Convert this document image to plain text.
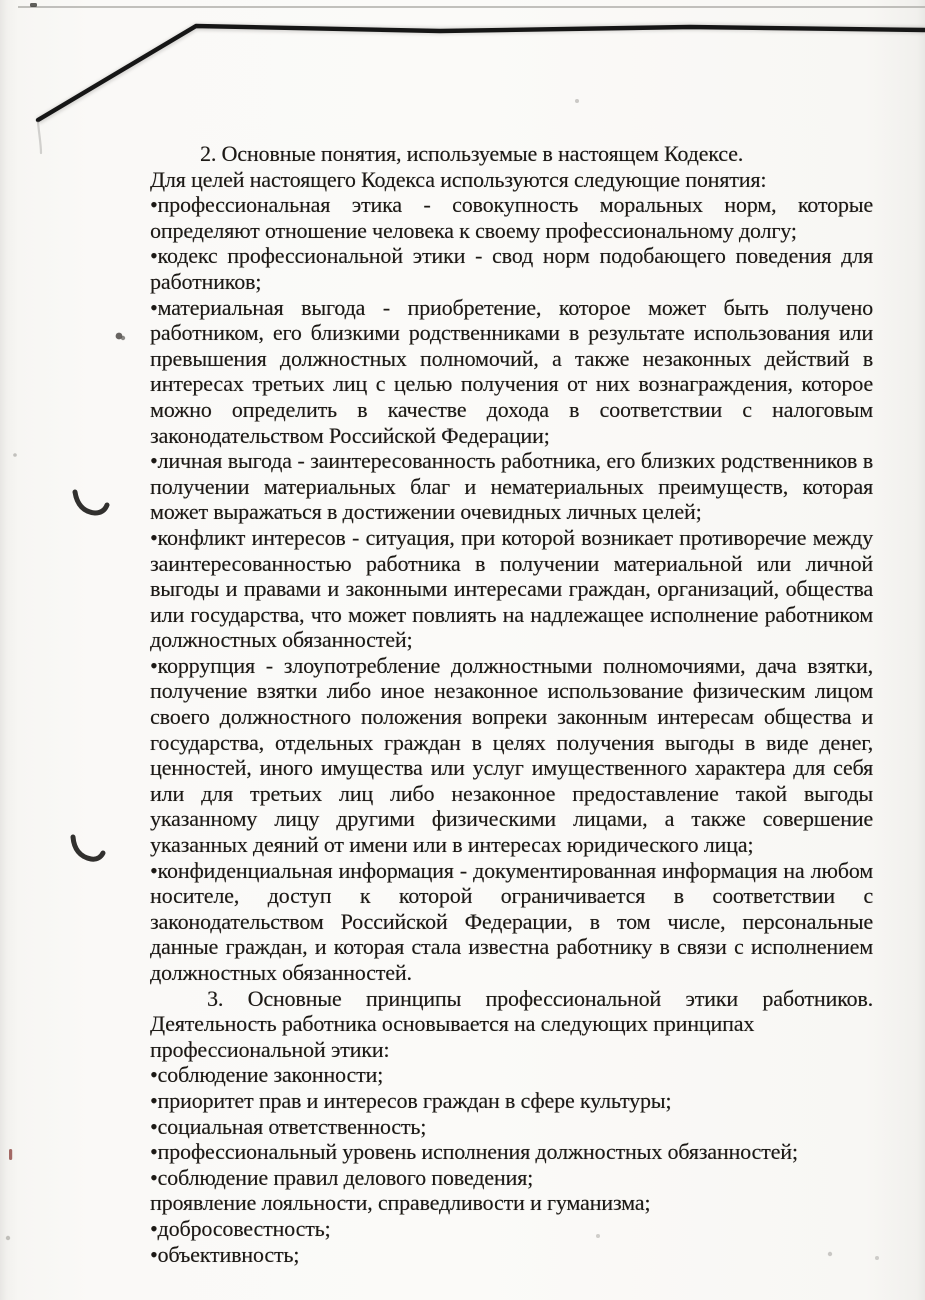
2. Основные понятия, используемые в настоящем Кодексе.

Для целей настоящего Кодекса используются следующие понятия:

•профессиональная этика - совокупность моральных норм, которые определяют отношение человека к своему профессиональному долгу;

•кодекс профессиональной этики - свод норм подобающего поведения для работников;

•материальная выгода - приобретение, которое может быть получено работником, его близкими родственниками в результате использования или превышения должностных полномочий, а также незаконных действий в интересах третьих лиц с целью получения от них вознаграждения, которое можно определить в качестве дохода в соответствии с налоговым законодательством Российской Федерации;

•личная выгода - заинтересованность работника, его близких родственников в получении материальных благ и нематериальных преимуществ, которая может выражаться в достижении очевидных личных целей;

•конфликт интересов - ситуация, при которой возникает противоречие между заинтересованностью работника в получении материальной или личной выгоды и правами и законными интересами граждан, организаций, общества или государства, что может повлиять на надлежащее исполнение работником должностных обязанностей;

•коррупция - злоупотребление должностными полномочиями, дача взятки, получение взятки либо иное незаконное использование физическим лицом своего должностного положения вопреки законным интересам общества и государства, отдельных граждан в целях получения выгоды в виде денег, ценностей, иного имущества или услуг имущественного характера для себя или для третьих лиц либо незаконное предоставление такой выгоды указанному лицу другими физическими лицами, а также совершение указанных деяний от имени или в интересах юридического лица;

•конфиденциальная информация - документированная информация на любом носителе, доступ к которой ограничивается в соответствии с законодательством Российской Федерации, в том числе, персональные данные граждан, и которая стала известна работнику в связи с исполнением должностных обязанностей.

3. Основные принципы профессиональной этики работников.

Деятельность работника основывается на следующих принципах профессиональной этики:

•соблюдение законности;

•приоритет прав и интересов граждан в сфере культуры;

•социальная ответственность;

•профессиональный уровень исполнения должностных обязанностей;

•соблюдение правил делового поведения;

проявление лояльности, справедливости и гуманизма;

•добросовестность;

•объективность;
